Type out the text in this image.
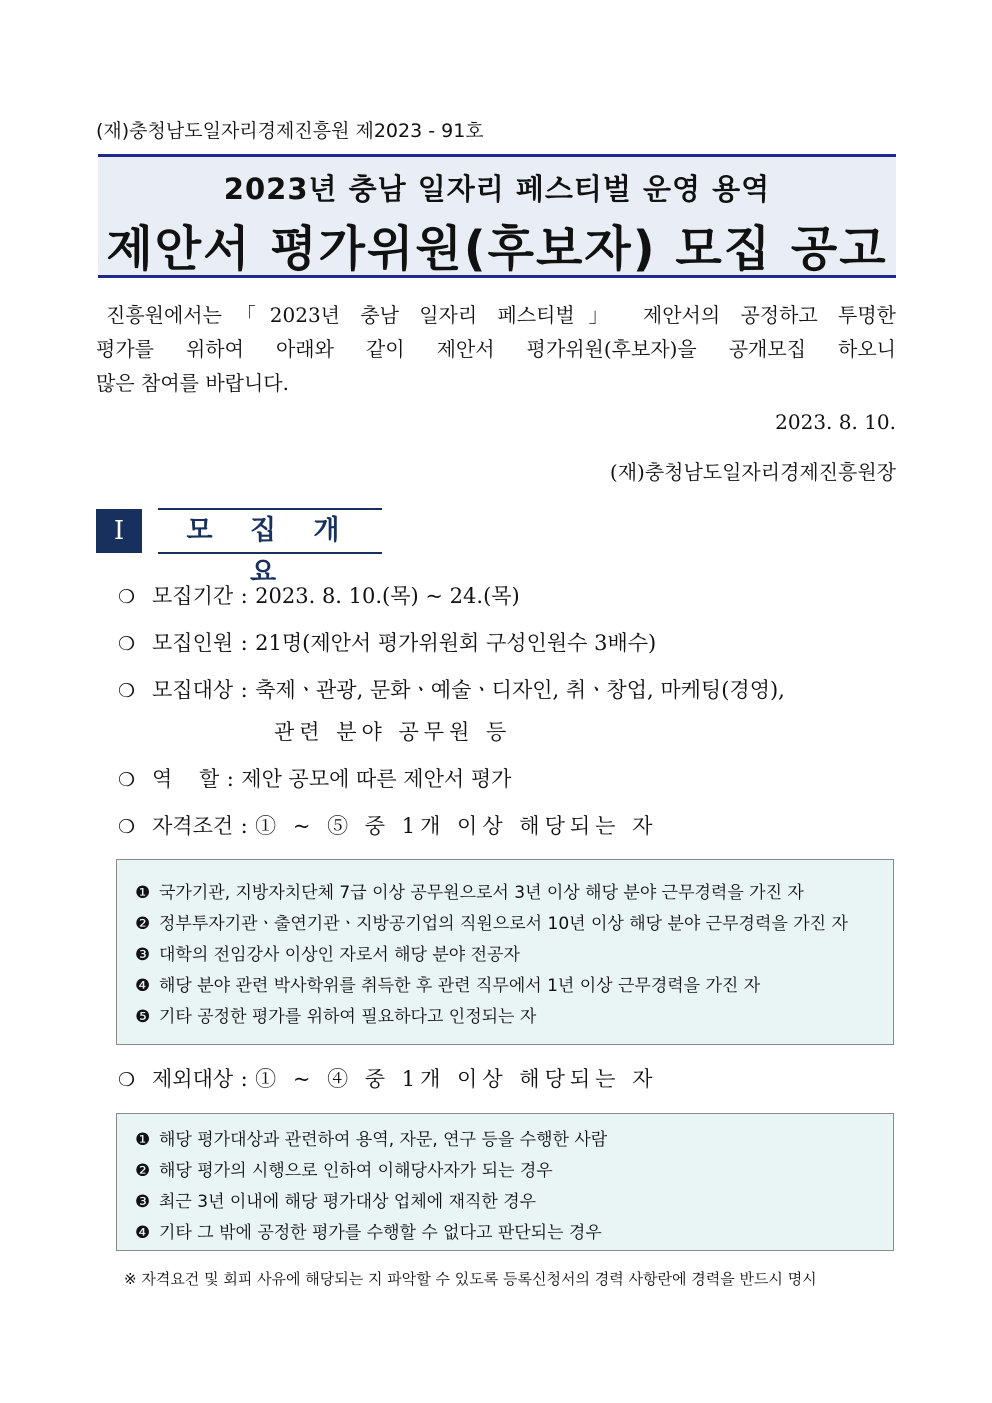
(재)충청남도일자리경제진흥원 제2023 - 91호
2023년 충남 일자리 페스티벌 운영 용역
제안서 평가위원(후보자) 모집 공고
진흥원에서는「2023년 충남 일자리 페스티벌」 제안서의 공정하고 투명한
평가를 위하여 아래와 같이 제안서 평가위원(후보자)을 공개모집 하오니
많은 참여를 바랍니다.
2023. 8. 10.
(재)충청남도일자리경제진흥원장
Ⅰ	모 집 개 요
❍ 모집기간 : 2023. 8. 10.(목) ~ 24.(목)
❍ 모집인원 : 21명(제안서 평가위원회 구성인원수 3배수)
❍ 모집대상 : 축제ㆍ관광, 문화ㆍ예술ㆍ디자인, 취ㆍ창업, 마케팅(경영),
관련 분야 공무원 등
❍ 역    할 : 제안 공모에 따른 제안서 평가
❍ 자격조건 : ① ~ ⑤ 중 1개 이상 해당되는 자
❶ 국가기관, 지방자치단체 7급 이상 공무원으로서 3년 이상 해당 분야 근무경력을 가진 자
❷ 정부투자기관ㆍ출연기관ㆍ지방공기업의 직원으로서 10년 이상 해당 분야 근무경력을 가진 자
❸ 대학의 전임강사 이상인 자로서 해당 분야 전공자
❹ 해당 분야 관련 박사학위를 취득한 후 관련 직무에서 1년 이상 근무경력을 가진 자
❺ 기타 공정한 평가를 위하여 필요하다고 인정되는 자
❍ 제외대상 : ① ~ ④ 중 1개 이상 해당되는 자
❶ 해당 평가대상과 관련하여 용역, 자문, 연구 등을 수행한 사람
❷ 해당 평가의 시행으로 인하여 이해당사자가 되는 경우
❸ 최근 3년 이내에 해당 평가대상 업체에 재직한 경우
❹ 기타 그 밖에 공정한 평가를 수행할 수 없다고 판단되는 경우
※ 자격요건 및 회피 사유에 해당되는 지 파악할 수 있도록 등록신청서의 경력 사항란에 경력을 반드시 명시
